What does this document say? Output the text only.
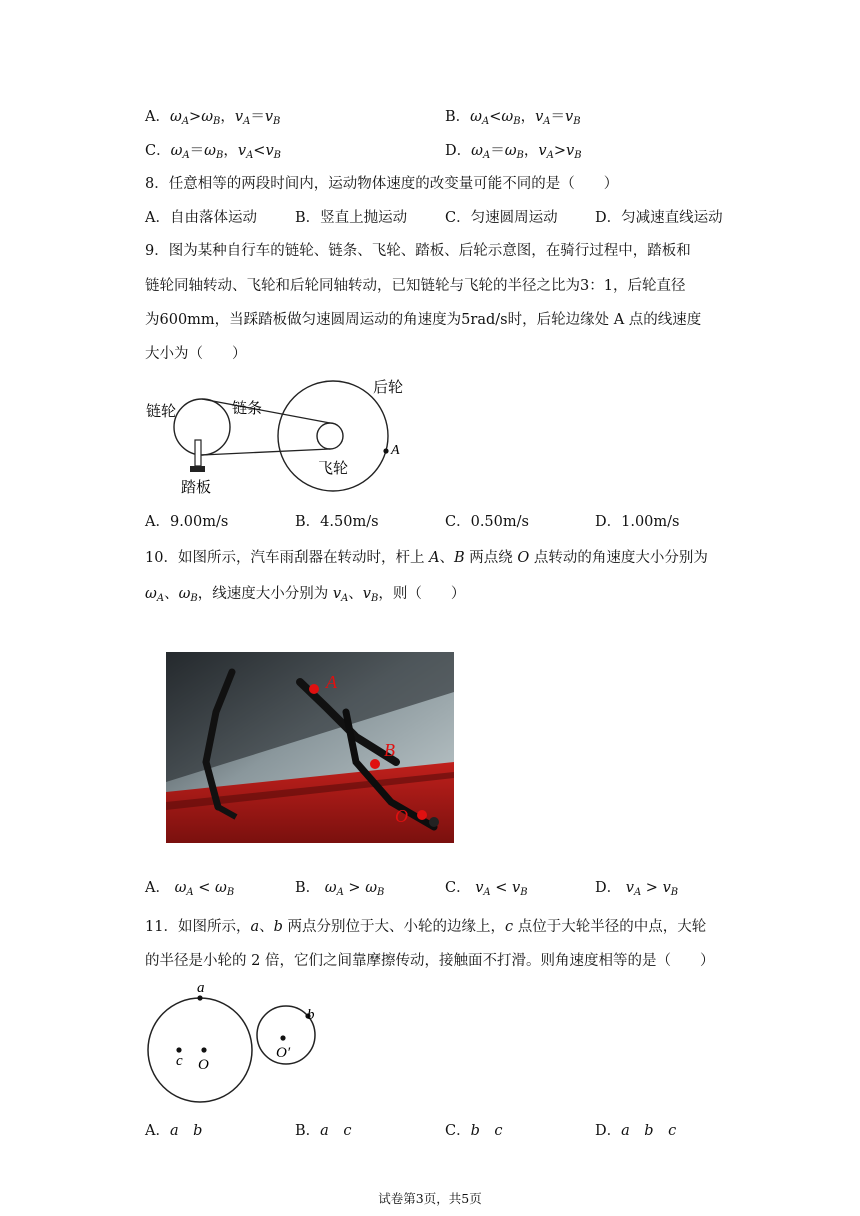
A．$\omega_A>\omega_B$，$v_A=v_B$	B．$\omega_A<\omega_B$，$v_A=v_B$
C．$\omega_A=\omega_B$，$v_A<v_B$	D．$\omega_A=\omega_B$，$v_A>v_B$
8．任意相等的两段时间内，运动物体速度的改变量可能不同的是（　　）
A．自由落体运动	B．竖直上抛运动	C．匀速圆周运动	D．匀减速直线运动
9．图为某种自行车的链轮、链条、飞轮、踏板、后轮示意图，在骑行过程中，踏板和
链轮同轴转动、飞轮和后轮同轴转动，已知链轮与飞轮的半径之比为3：1，后轮直径
为600mm，当踩踏板做匀速圆周运动的角速度为5rad/s时，后轮边缘处 A 点的线速度
大小为（　　）
链轮	链条
后轮
飞轮
踏板
A
A．9.00m/s	B．4.50m/s	C．0.50m/s	D．1.00m/s
10．如图所示，汽车雨刮器在转动时，杆上 A、B 两点绕 O 点转动的角速度大小分别为
$\omega_A$、$\omega_B$，线速度大小分别为 $v_A$、$v_B$，则（　　）
A
B
O
A． $\omega_A < \omega_B$	B． $\omega_A > \omega_B$	C． $v_A < v_B$	D． $v_A > v_B$
11．如图所示，a、b 两点分别位于大、小轮的边缘上，c 点位于大轮半径的中点，大轮
的半径是小轮的 2 倍，它们之间靠摩擦传动，接触面不打滑。则角速度相等的是（　　）
a
b
c O
O′
A．a　 b	B．a　 c	C．b　 c	D．a　 b　 c
试卷第3页，共5页
